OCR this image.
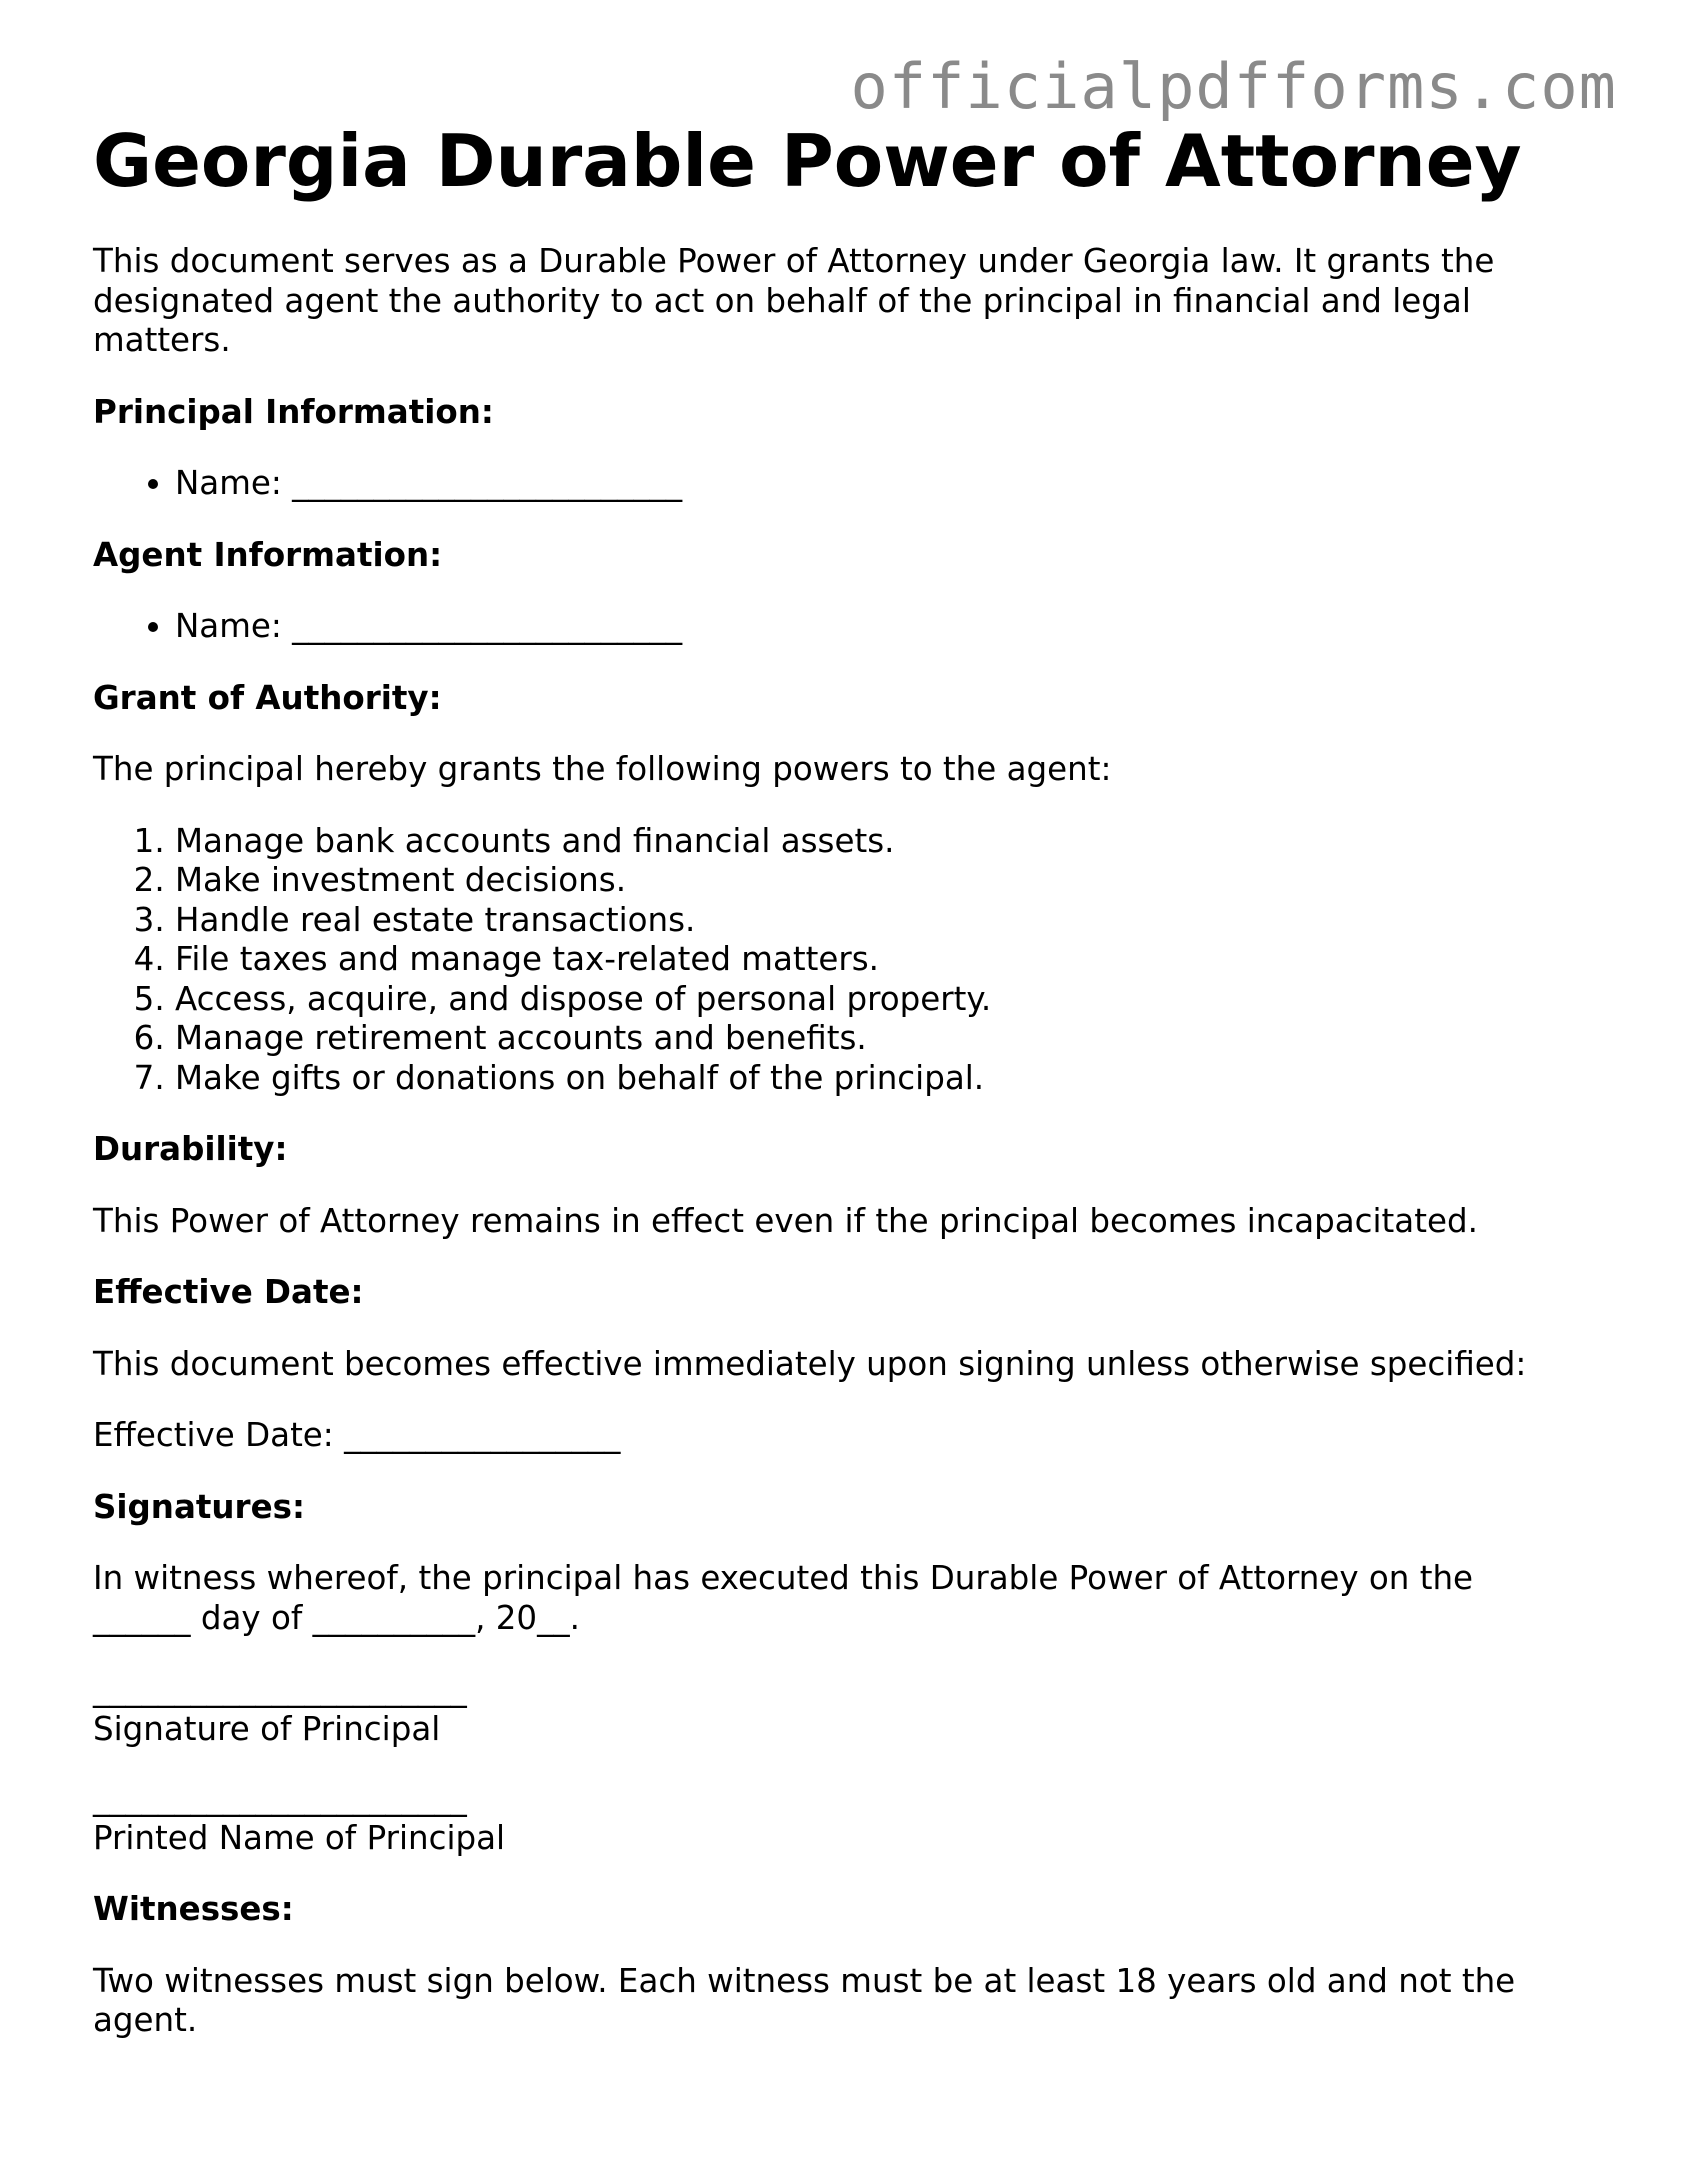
officialpdfforms.com
Georgia Durable Power of Attorney

This document serves as a Durable Power of Attorney under Georgia law. It grants the designated agent the authority to act on behalf of the principal in financial and legal matters.

Principal Information:

• Name: ________________________

Agent Information:

• Name: ________________________

Grant of Authority:

The principal hereby grants the following powers to the agent:

1. Manage bank accounts and financial assets.
2. Make investment decisions.
3. Handle real estate transactions.
4. File taxes and manage tax-related matters.
5. Access, acquire, and dispose of personal property.
6. Manage retirement accounts and benefits.
7. Make gifts or donations on behalf of the principal.

Durability:

This Power of Attorney remains in effect even if the principal becomes incapacitated.

Effective Date:

This document becomes effective immediately upon signing unless otherwise specified:

Effective Date: _________________

Signatures:

In witness whereof, the principal has executed this Durable Power of Attorney on the
______ day of __________, 20__.

_______________________
Signature of Principal

_______________________
Printed Name of Principal

Witnesses:

Two witnesses must sign below. Each witness must be at least 18 years old and not the agent.
